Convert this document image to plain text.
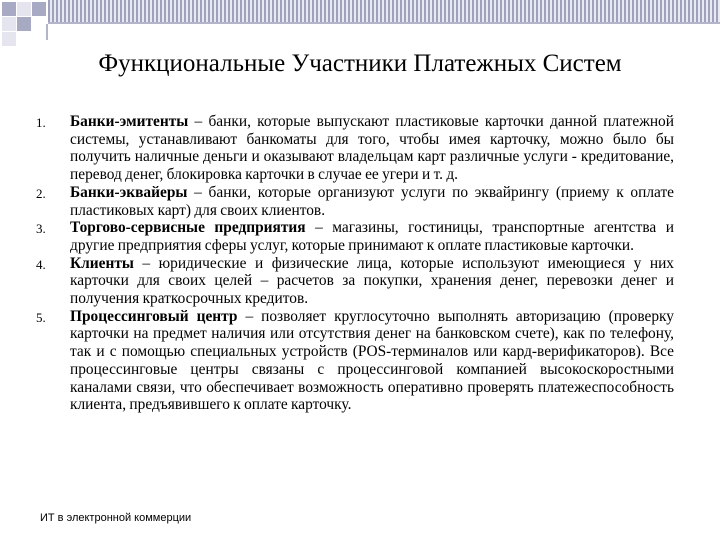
Функциональные Участники Платежных Систем
1. Банки-эмитенты – банки, которые выпускают пластиковые карточки данной платежной системы, устанавливают банкоматы для того, чтобы имея карточку, можно было бы получить наличные деньги и оказывают владельцам карт различные услуги - кредитование, перевод денег, блокировка карточки в случае ее угери и т. д.
2. Банки-эквайеры – банки, которые организуют услуги по эквайрингу (приему к оплате пластиковых карт) для своих клиентов.
3. Торгово-сервисные предприятия – магазины, гостиницы, транспортные агентства и другие предприятия сферы услуг, которые принимают к оплате пластиковые карточки.
4. Клиенты – юридические и физические лица, которые используют имеющиеся у них карточки для своих целей – расчетов за покупки, хранения денег, перевозки денег и получения краткосрочных кредитов.
5. Процессинговый центр – позволяет круглосуточно выполнять авторизацию (проверку карточки на предмет наличия или отсутствия денег на банковском счете), как по телефону, так и с помощью специальных устройств (POS-терминалов или кард-верификаторов). Все процессинговые центры связаны с процессинговой компанией высокоскоростными каналами связи, что обеспечивает возможность оперативно проверять платежеспособность клиента, предъявившего к оплате карточку.
ИТ в электронной коммерции
